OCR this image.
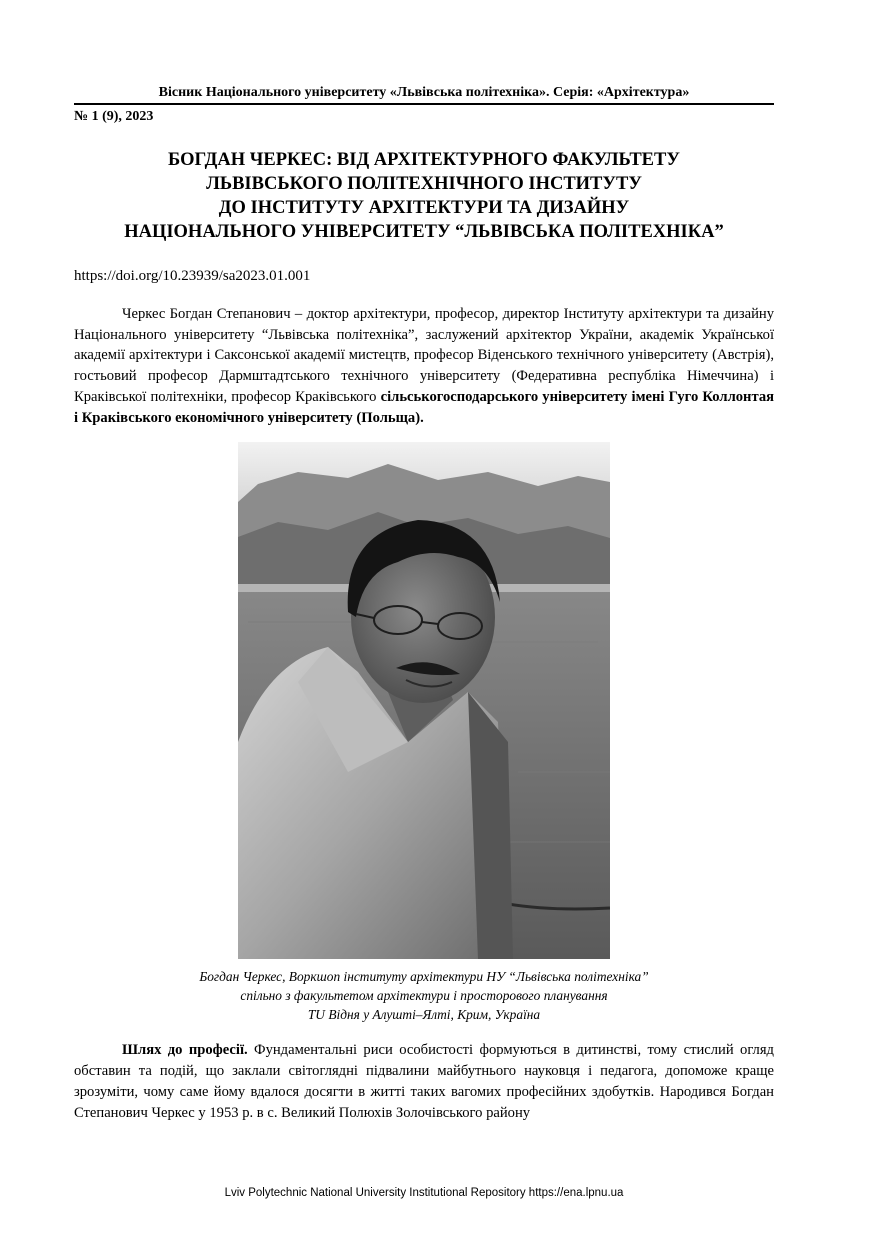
Вісник Національного університету «Львівська політехніка». Серія: «Архітектура»
№ 1 (9), 2023
БОГДАН ЧЕРКЕС: ВІД АРХІТЕКТУРНОГО ФАКУЛЬТЕТУ
ЛЬВІВСЬКОГО ПОЛІТЕХНІЧНОГО ІНСТИТУТУ
ДО ІНСТИТУТУ АРХІТЕКТУРИ ТА ДИЗАЙНУ
НАЦІОНАЛЬНОГО УНІВЕРСИТЕТУ “ЛЬВІВСЬКА ПОЛІТЕХНІКА”
https://doi.org/10.23939/sa2023.01.001

Черкес Богдан Степанович – доктор архітектури, професор, директор Інституту архітектури та дизайну Національного університету “Львівська політехніка”, заслужений архітектор України, академік Української академії архітектури і Саксонської академії мистецтв, професор Віденського технічного університету (Австрія), гостьовий професор Дармштадтського технічного університету (Федеративна республіка Німеччина) і Краківської політехніки, професор Краківського сільськогосподарського університету імені Гуго Коллонтая і Краківського економічного університету (Польща).

Богдан Черкес, Воркшоп інституту архітектури НУ “Львівська політехніка”
спільно з факультетом архітектури і просторового планування
TU Відня у Алушті–Ялті, Крим, Україна

Шлях до професії. Фундаментальні риси особистості формуються в дитинстві, тому стислий огляд обставин та подій, що заклали світоглядні підвалини майбутнього науковця і педагога, допоможе краще зрозуміти, чому саме йому вдалося досягти в житті таких вагомих професійних здобутків. Народився Богдан Степанович Черкес у 1953 р. в с. Великий Полюхів Золочівського району

Lviv Polytechnic National University Institutional Repository https://ena.lpnu.ua
